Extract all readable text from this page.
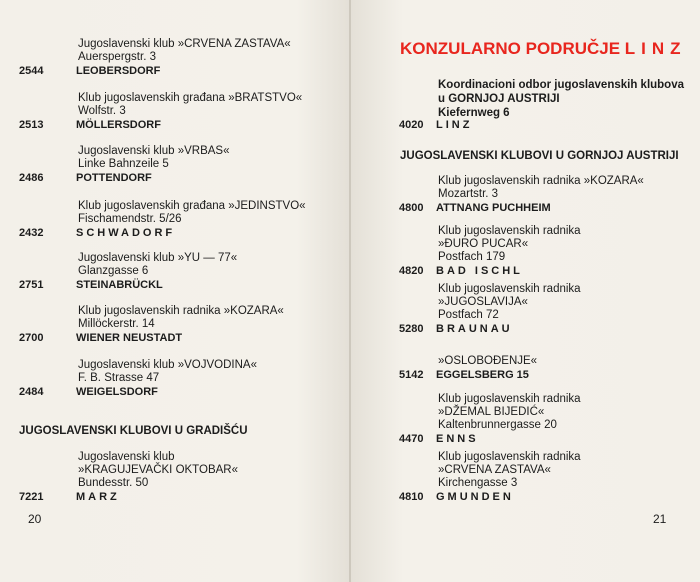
Jugoslavenski klub »CRVENA ZASTAVA«
Auerspergstr. 3
2544	LEOBERSDORF
Klub jugoslavenskih građana »BRATSTVO«
Wolfstr. 3
2513	MÖLLERSDORF
Jugoslavenski klub »VRBAS«
Linke Bahnzeile 5
2486	POTTENDORF
Klub jugoslavenskih građana »JEDINSTVO«
Fischamendstr. 5/26
2432	SCHWADORF
Jugoslavenski klub »YU — 77«
Glanzgasse 6
2751	STEINABRÜCKL
Klub jugoslavenskih radnika »KOZARA«
Millöckerstr. 14
2700	WIENER NEUSTADT
Jugoslavenski klub »VOJVODINA«
F. B. Strasse 47
2484	WEIGELSDORF
JUGOSLAVENSKI KLUBOVI U GRADIŠĆU
Jugoslavenski klub
»KRAGUJEVAČKI OKTOBAR«
Bundesstr. 50
7221	MARZ
20
KONZULARNO PODRUČJE LINZ
Koordinacioni odbor jugoslavenskih klubova
u GORNJOJ AUSTRIJI
Kiefernweg 6
4020 LINZ
JUGOSLAVENSKI KLUBOVI U GORNJOJ AUSTRIJI
Klub jugoslavenskih radnika »KOZARA«
Mozartstr. 3
4800 ATTNANG PUCHHEIM
Klub jugoslavenskih radnika
»ĐURO PUCAR«
Postfach 179
4820 BAD ISCHL
Klub jugoslavenskih radnika
»JUGOSLAVIJA«
Postfach 72
5280 BRAUNAU
»OSLOBOĐENJE«
5142 EGGELSBERG 15
Klub jugoslavenskih radnika
»DŽEMAL BIJEDIĆ«
Kaltenbrunnergasse 20
4470 ENNS
Klub jugoslavenskih radnika
»CRVENA ZASTAVA«
Kirchengasse 3
4810 GMUNDEN
21
